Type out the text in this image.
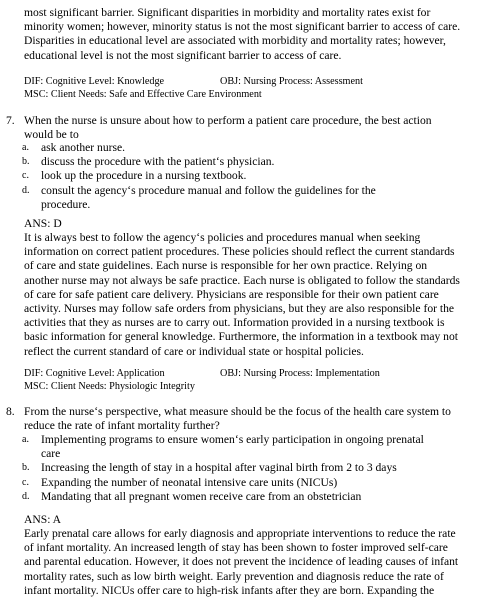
most significant barrier. Significant disparities in morbidity and mortality rates exist for

minority women; however, minority status is not the most significant barrier to access of care.

Disparities in educational level are associated with morbidity and mortality rates; however,

educational level is not the most significant barrier to access of care.

DIF: Cognitive Level: Knowledge	OBJ: Nursing Process: Assessment
MSC: Client Needs: Safe and Effective Care Environment
7. When the nurse is unsure about how to perform a patient care procedure, the best action
would be to
a.	ask another nurse.
b. discuss the procedure with the patient‘s physician.
c.	look up the procedure in a nursing textbook.
d. consult the agency‘s procedure manual and follow the guidelines for the
procedure.
ANS: D

It is always best to follow the agency‘s policies and procedures manual when seeking

information on correct patient procedures. These policies should reflect the current standards

of care and state guidelines. Each nurse is responsible for her own practice. Relying on

another nurse may not always be safe practice. Each nurse is obligated to follow the standards

of care for safe patient care delivery. Physicians are responsible for their own patient care

activity. Nurses may follow safe orders from physicians, but they are also responsible for the

activities that they as nurses are to carry out. Information provided in a nursing textbook is

basic information for general knowledge. Furthermore, the information in a textbook may not

reflect the current standard of care or individual state or hospital policies.

DIF: Cognitive Level: Application	OBJ: Nursing Process: Implementation
MSC: Client Needs: Physiologic Integrity
8. From the nurse‘s perspective, what measure should be the focus of the health care system to
reduce the rate of infant mortality further?
a.	Implementing programs to ensure women‘s early participation in ongoing prenatal
care
b. Increasing the length of stay in a hospital after vaginal birth from 2 to 3 days
c.	Expanding the number of neonatal intensive care units (NICUs)
d. Mandating that all pregnant women receive care from an obstetrician
ANS: A

Early prenatal care allows for early diagnosis and appropriate interventions to reduce the rate

of infant mortality. An increased length of stay has been shown to foster improved self-care

and parental education. However, it does not prevent the incidence of leading causes of infant

mortality rates, such as low birth weight. Early prevention and diagnosis reduce the rate of

infant mortality. NICUs offer care to high-risk infants after they are born. Expanding the
